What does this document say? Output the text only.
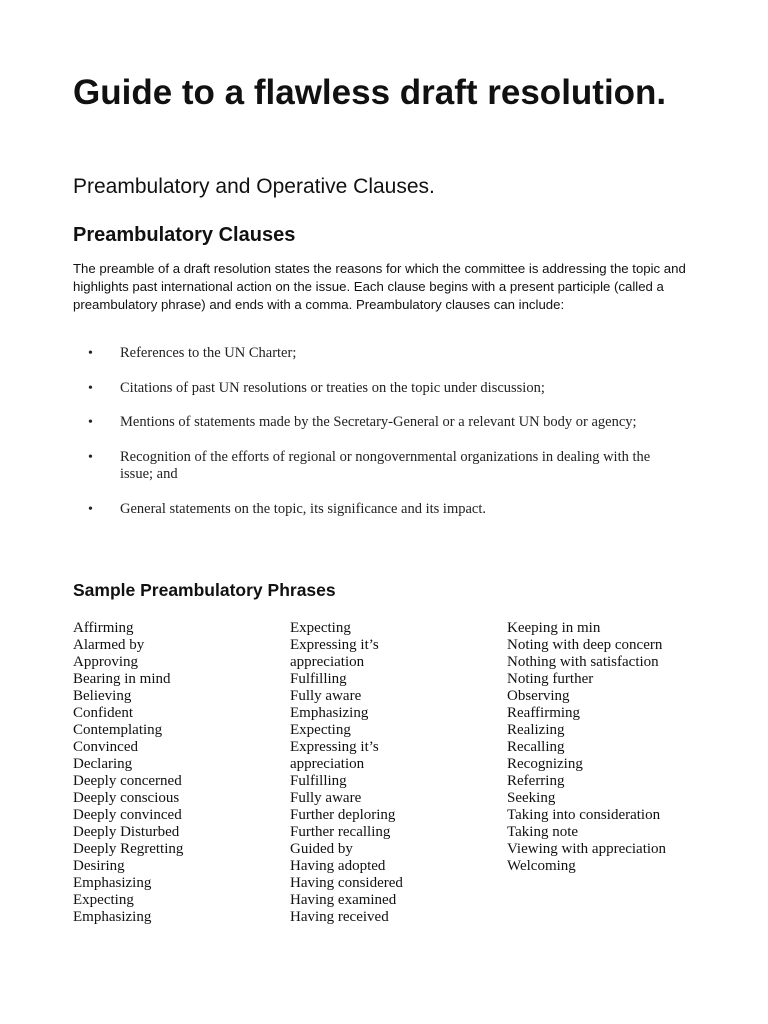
Guide to a flawless draft resolution.
Preambulatory and Operative Clauses.
Preambulatory Clauses

The preamble of a draft resolution states the reasons for which the committee is addressing the topic and highlights past international action on the issue. Each clause begins with a present participle (called a preambulatory phrase) and ends with a comma. Preambulatory clauses can include:

• References to the UN Charter;
• Citations of past UN resolutions or treaties on the topic under discussion;
• Mentions of statements made by the Secretary-General or a relevant UN body or agency;
• Recognition of the efforts of regional or nongovernmental organizations in dealing with the issue; and
• General statements on the topic, its significance and its impact.
Sample Preambulatory Phrases
Affirming
Alarmed by
Approving
Bearing in mind
Believing
Confident
Contemplating
Convinced
Declaring
Deeply concerned
Deeply conscious
Deeply convinced
Deeply Disturbed
Deeply Regretting
Desiring
Emphasizing
Expecting
Emphasizing
Expecting
Expressing it’s
appreciation
Fulfilling
Fully aware
Emphasizing
Expecting
Expressing it’s
appreciation
Fulfilling
Fully aware
Further deploring
Further recalling
Guided by
Having adopted
Having considered
Having examined
Having received
Keeping in min
Noting with deep concern
Nothing with satisfaction
Noting further
Observing
Reaffirming
Realizing
Recalling
Recognizing
Referring
Seeking
Taking into consideration
Taking note
Viewing with appreciation
Welcoming
